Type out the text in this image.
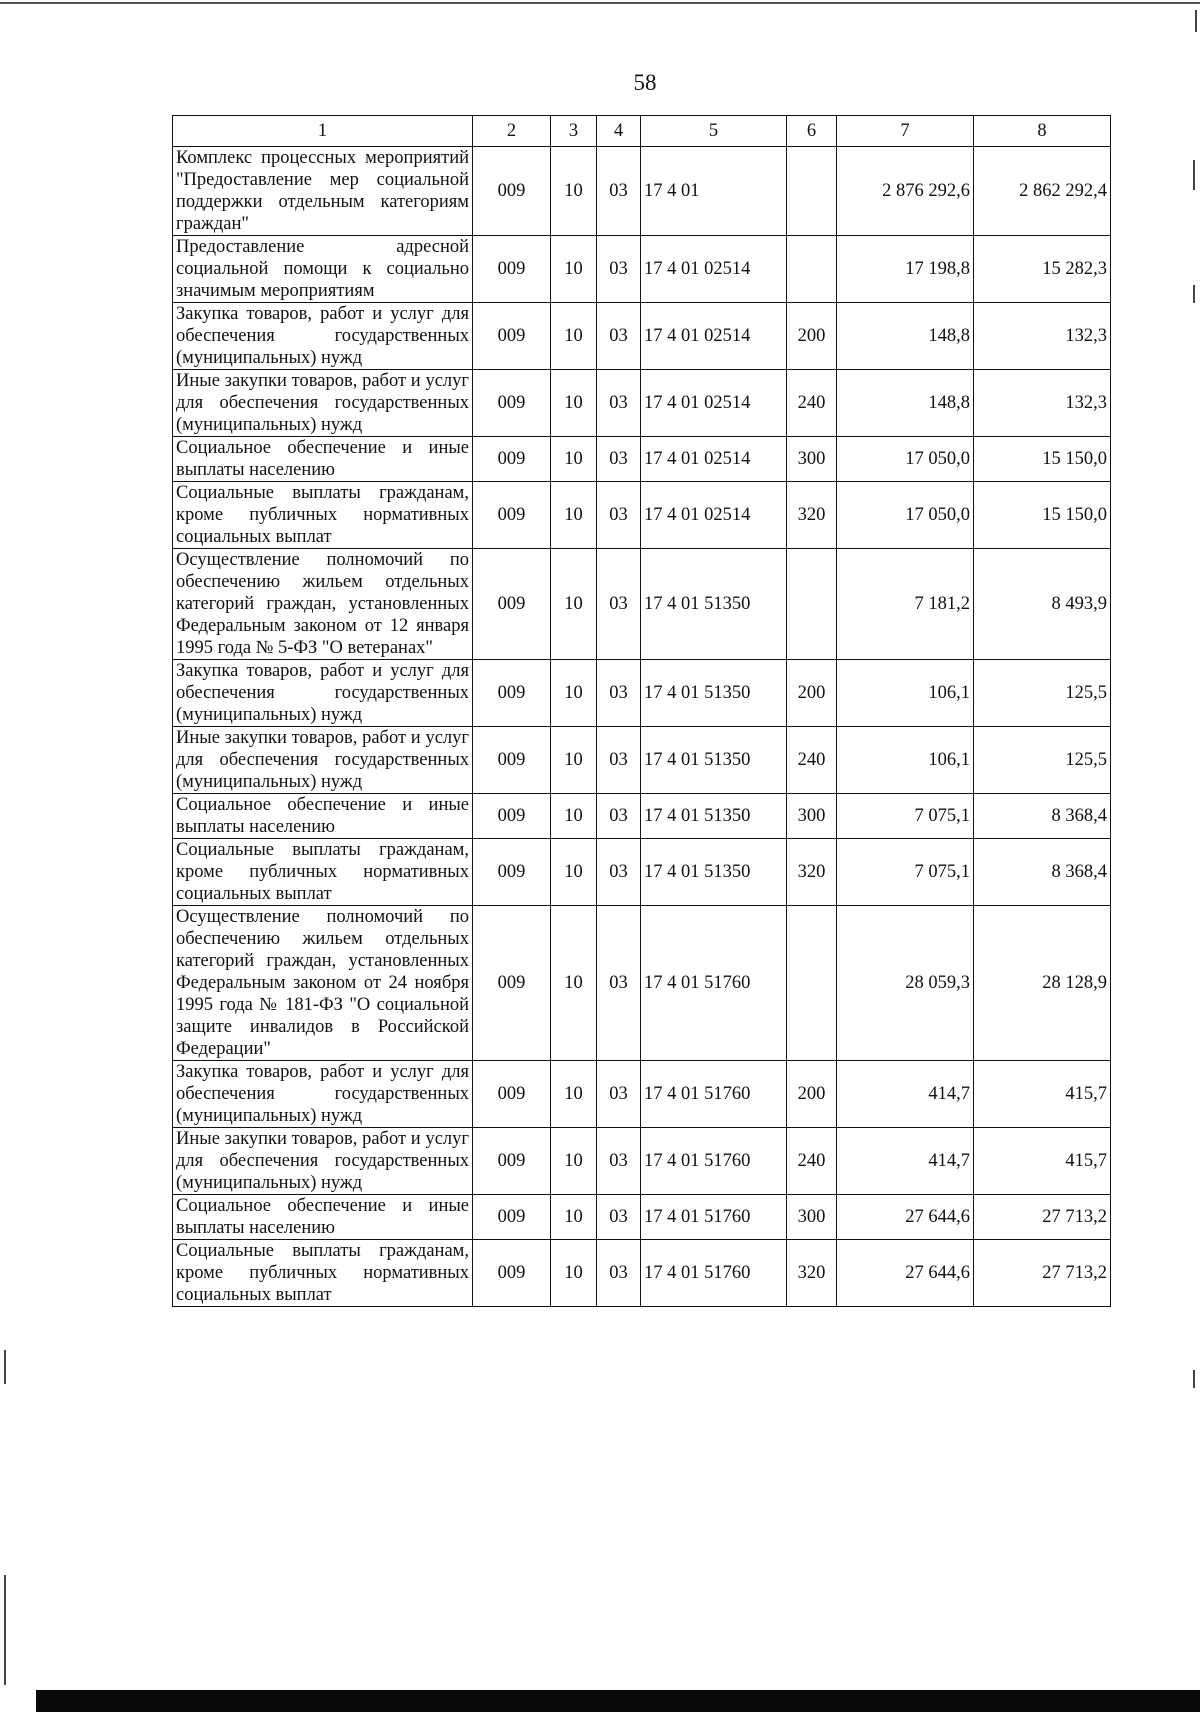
58
1	2	3	4	5	6	7	8
Комплекс процессных мероприятий "Предоставление мер социальной поддержки отдельным категориям граждан"	009	10	03	17 4 01		2 876 292,6	2 862 292,4
Предоставление адресной социальной помощи к социально значимым мероприятиям	009	10	03	17 4 01 02514		17 198,8	15 282,3
Закупка товаров, работ и услуг для обеспечения государственных (муниципальных) нужд	009	10	03	17 4 01 02514	200	148,8	132,3
Иные закупки товаров, работ и услуг для обеспечения государственных (муниципальных) нужд	009	10	03	17 4 01 02514	240	148,8	132,3
Социальное обеспечение и иные выплаты населению	009	10	03	17 4 01 02514	300	17 050,0	15 150,0
Социальные выплаты гражданам, кроме публичных нормативных социальных выплат	009	10	03	17 4 01 02514	320	17 050,0	15 150,0
Осуществление полномочий по обеспечению жильем отдельных категорий граждан, установленных Федеральным законом от 12 января 1995 года № 5-ФЗ "О ветеранах"	009	10	03	17 4 01 51350		7 181,2	8 493,9
Закупка товаров, работ и услуг для обеспечения государственных (муниципальных) нужд	009	10	03	17 4 01 51350	200	106,1	125,5
Иные закупки товаров, работ и услуг для обеспечения государственных (муниципальных) нужд	009	10	03	17 4 01 51350	240	106,1	125,5
Социальное обеспечение и иные выплаты населению	009	10	03	17 4 01 51350	300	7 075,1	8 368,4
Социальные выплаты гражданам, кроме публичных нормативных социальных выплат	009	10	03	17 4 01 51350	320	7 075,1	8 368,4
Осуществление полномочий по обеспечению жильем отдельных категорий граждан, установленных Федеральным законом от 24 ноября 1995 года № 181-ФЗ "О социальной защите инвалидов в Российской Федерации"	009	10	03	17 4 01 51760		28 059,3	28 128,9
Закупка товаров, работ и услуг для обеспечения государственных (муниципальных) нужд	009	10	03	17 4 01 51760	200	414,7	415,7
Иные закупки товаров, работ и услуг для обеспечения государственных (муниципальных) нужд	009	10	03	17 4 01 51760	240	414,7	415,7
Социальное обеспечение и иные выплаты населению	009	10	03	17 4 01 51760	300	27 644,6	27 713,2
Социальные выплаты гражданам, кроме публичных нормативных социальных выплат	009	10	03	17 4 01 51760	320	27 644,6	27 713,2
